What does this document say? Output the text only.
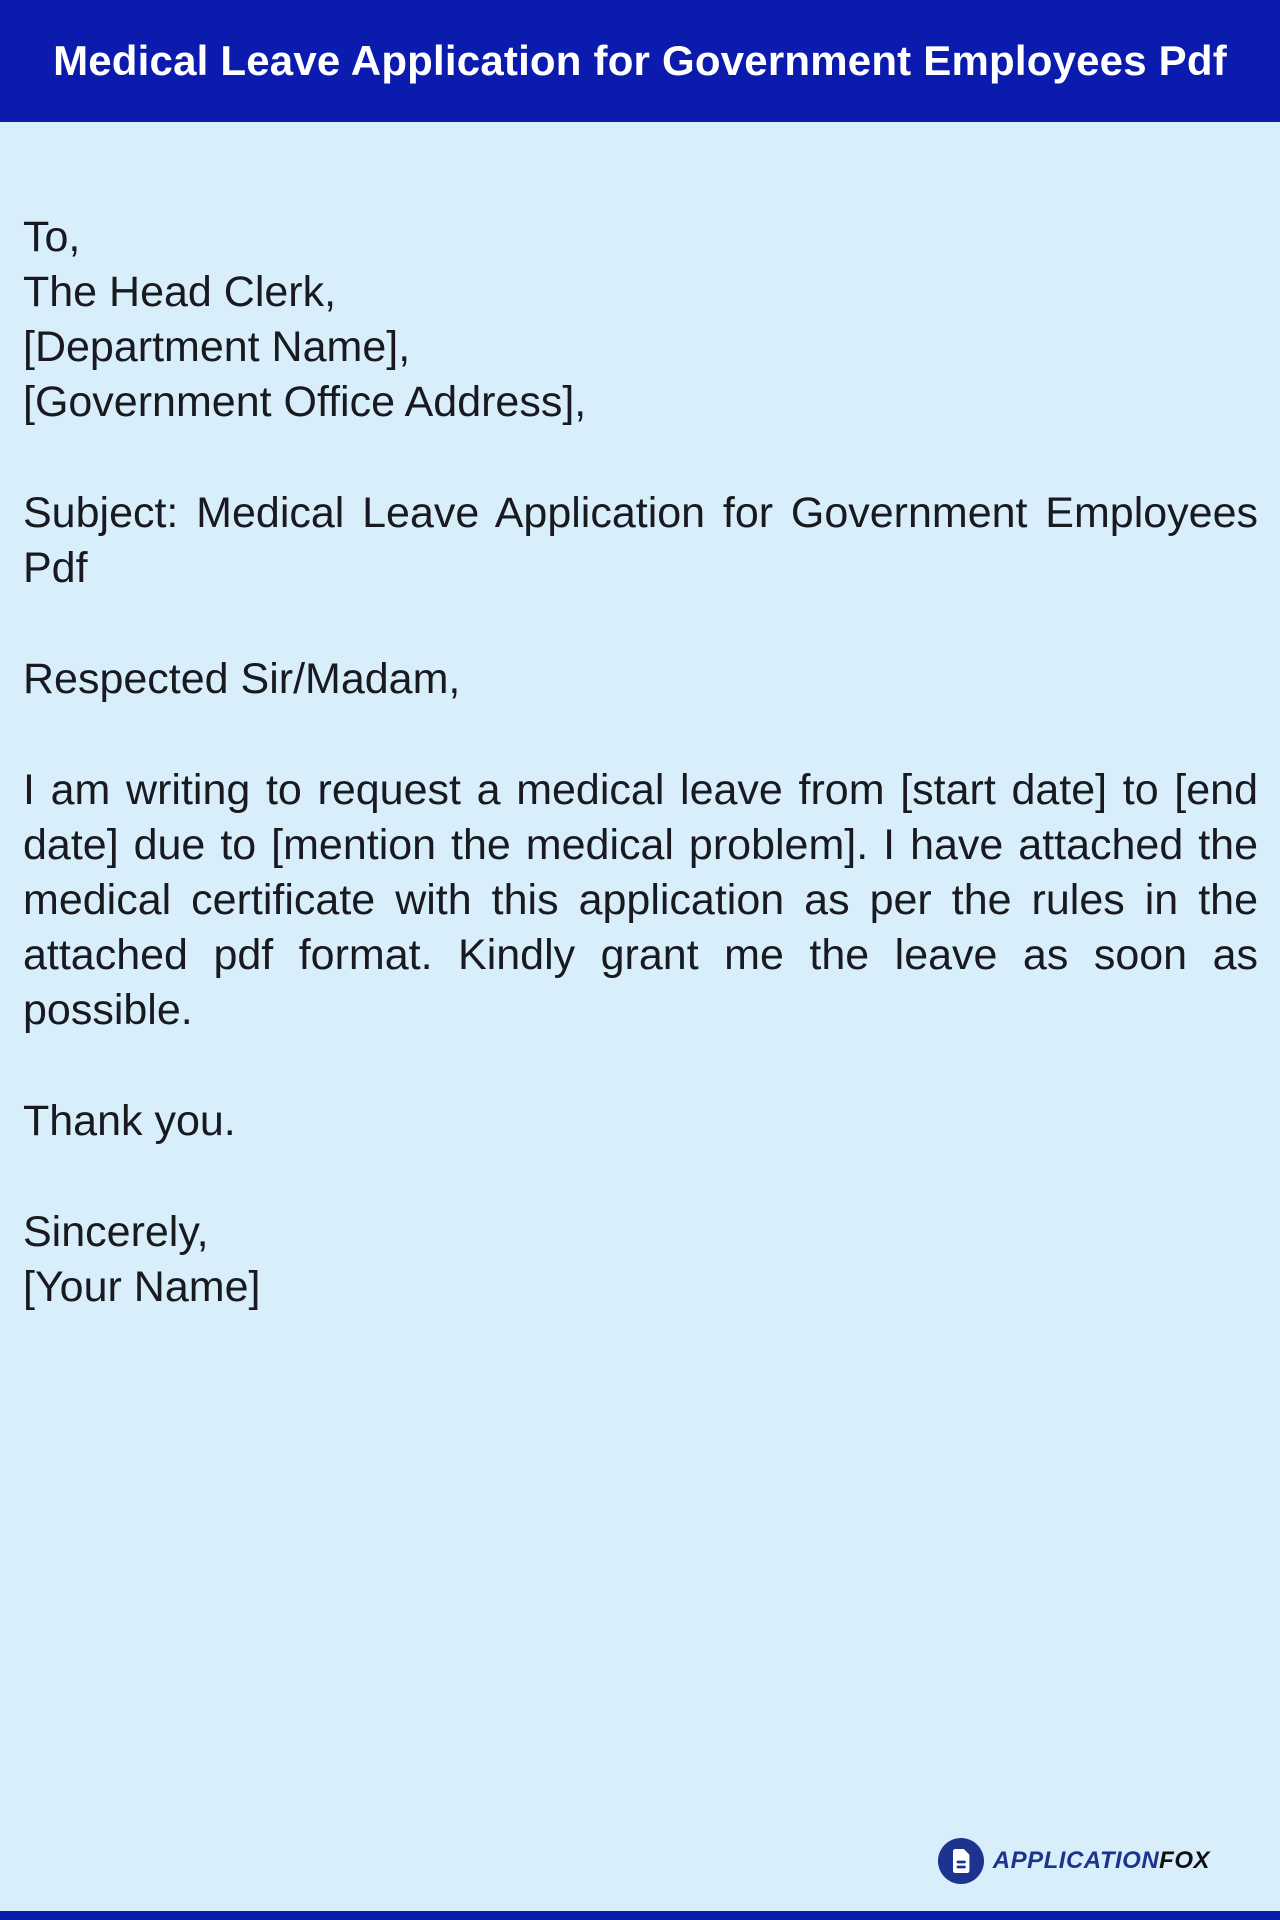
Medical Leave Application for Government Employees Pdf

To,
The Head Clerk,
[Department Name],
[Government Office Address],

Subject: Medical Leave Application for Government Employees Pdf

Respected Sir/Madam,

I am writing to request a medical leave from [start date] to [end date] due to [mention the medical problem]. I have attached the medical certificate with this application as per the rules in the attached pdf format. Kindly grant me the leave as soon as possible.

Thank you.

Sincerely,
[Your Name]

APPLICATIONFOX
